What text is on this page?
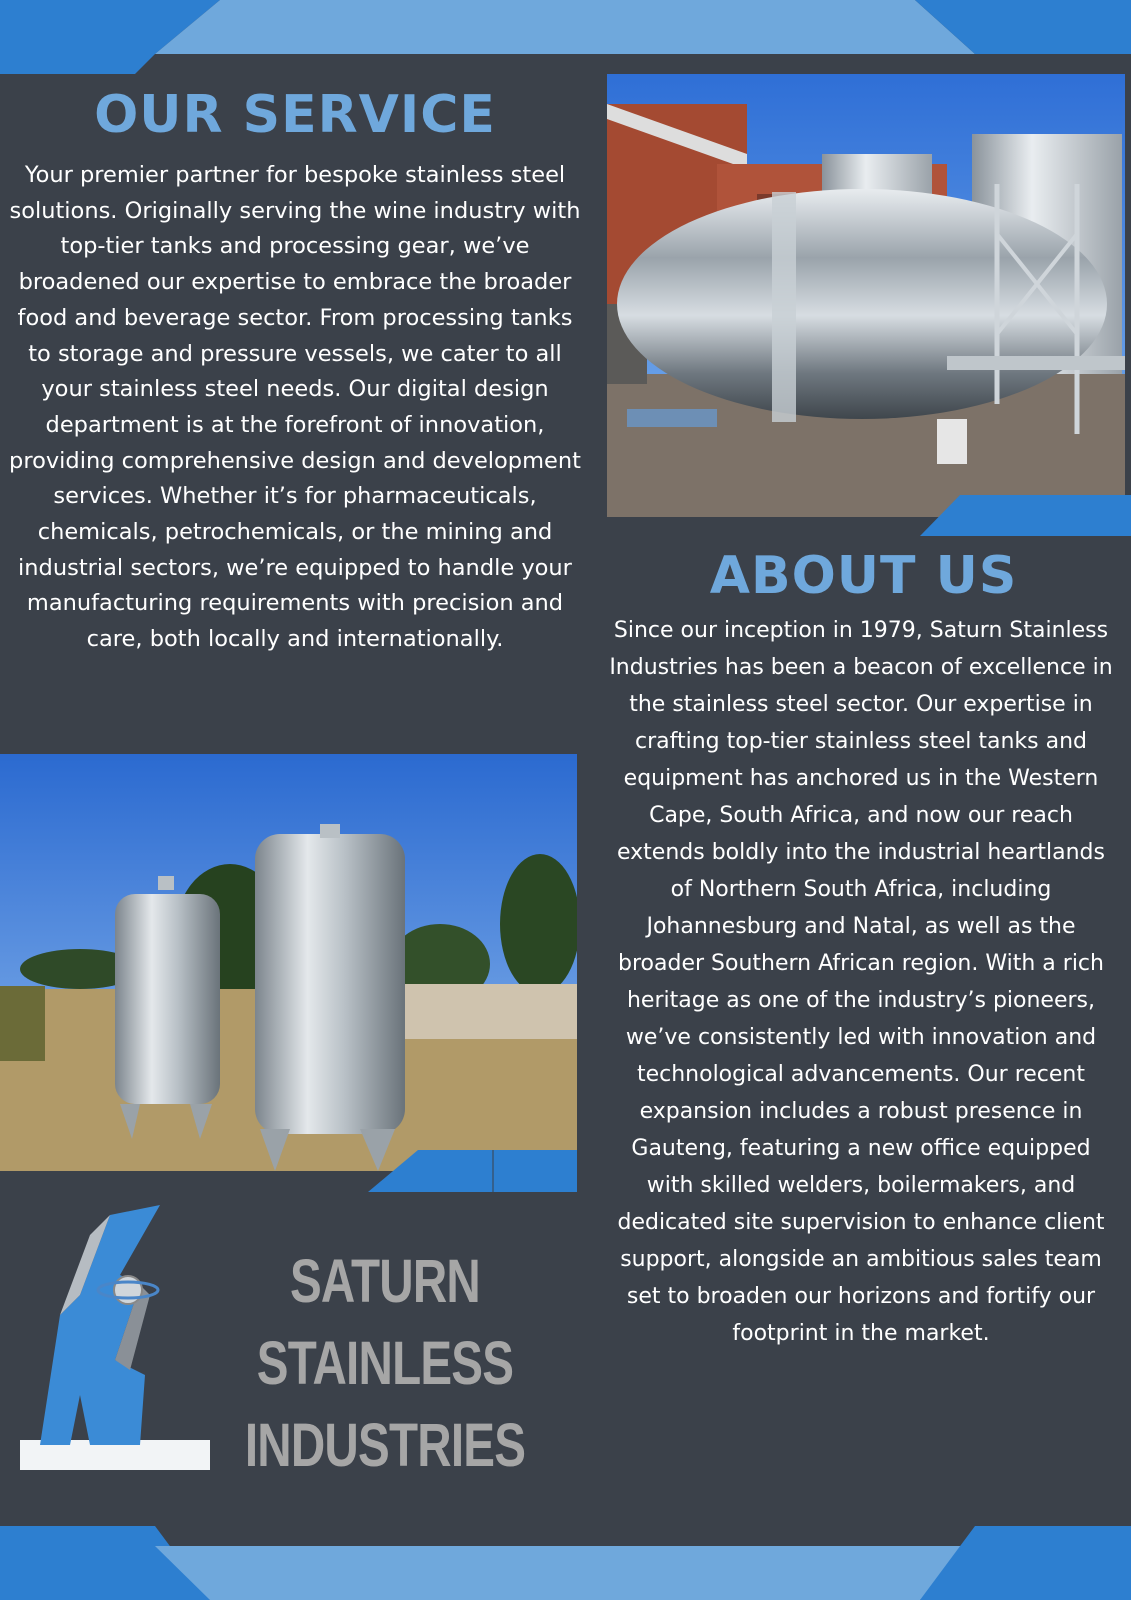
OUR SERVICE

Your premier partner for bespoke stainless steel solutions. Originally serving the wine industry with top-tier tanks and processing gear, we’ve broadened our expertise to embrace the broader food and beverage sector. From processing tanks to storage and pressure vessels, we cater to all your stainless steel needs. Our digital design department is at the forefront of innovation, providing comprehensive design and development services. Whether it’s for pharmaceuticals, chemicals, petrochemicals, or the mining and industrial sectors, we’re equipped to handle your manufacturing requirements with precision and care, both locally and internationally.

ABOUT US

Since our inception in 1979, Saturn Stainless Industries has been a beacon of excellence in the stainless steel sector. Our expertise in crafting top-tier stainless steel tanks and equipment has anchored us in the Western Cape, South Africa, and now our reach extends boldly into the industrial heartlands of Northern South Africa, including Johannesburg and Natal, as well as the broader Southern African region. With a rich heritage as one of the industry’s pioneers, we’ve consistently led with innovation and technological advancements. Our recent expansion includes a robust presence in Gauteng, featuring a new office equipped with skilled welders, boilermakers, and dedicated site supervision to enhance client support, alongside an ambitious sales team set to broaden our horizons and fortify our footprint in the market.

SATURN STAINLESS
INDUSTRIES
